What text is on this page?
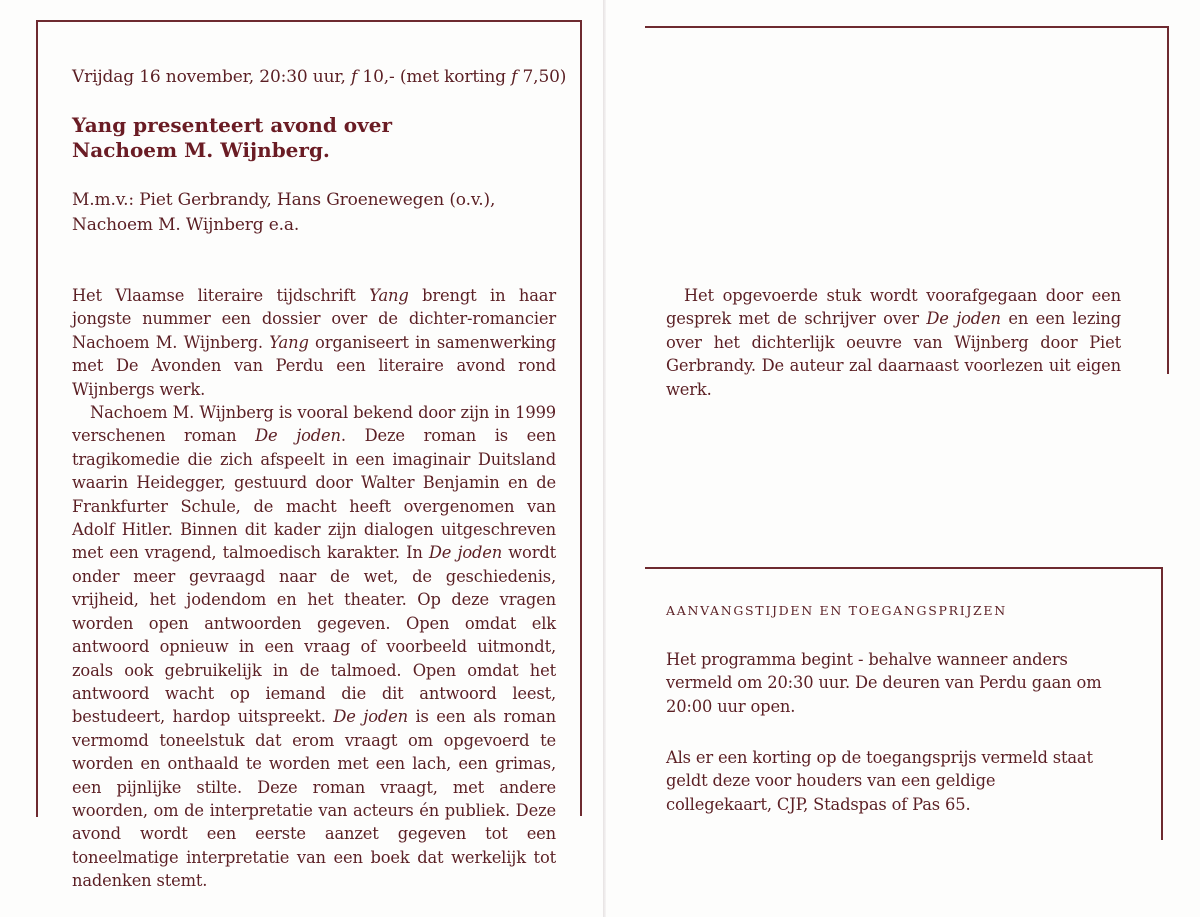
Vrijdag 16 november, 20:30 uur, f 10,- (met korting f 7,50)

Yang presenteert avond over
Nachoem M. Wijnberg.

M.m.v.: Piet Gerbrandy, Hans Groenewegen (o.v.),
Nachoem M. Wijnberg e.a.

Het Vlaamse literaire tijdschrift Yang brengt in haar jongste nummer een dossier over de dichter-romancier Nachoem M. Wijnberg. Yang organiseert in samenwerking met De Avonden van Perdu een literaire avond rond Wijnbergs werk.

Nachoem M. Wijnberg is vooral bekend door zijn in 1999 verschenen roman De joden. Deze roman is een tragikomedie die zich afspeelt in een imaginair Duitsland waarin Heidegger, gestuurd door Walter Benjamin en de Frankfurter Schule, de macht heeft overgenomen van Adolf Hitler. Binnen dit kader zijn dialogen uitgeschreven met een vragend, talmoedisch karakter. In De joden wordt onder meer gevraagd naar de wet, de geschiedenis, vrijheid, het jodendom en het theater. Op deze vragen worden open antwoorden gegeven. Open omdat elk antwoord opnieuw in een vraag of voorbeeld uitmondt, zoals ook gebruikelijk in de talmoed. Open omdat het antwoord wacht op iemand die dit antwoord leest, bestudeert, hardop uitspreekt. De joden is een als roman vermomd toneelstuk dat erom vraagt om opgevoerd te worden en onthaald te worden met een lach, een grimas, een pijnlijke stilte. Deze roman vraagt, met andere woorden, om de interpretatie van acteurs én publiek. Deze avond wordt een eerste aanzet gegeven tot een toneelmatige interpretatie van een boek dat werkelijk tot nadenken stemt.

Het opgevoerde stuk wordt voorafgegaan door een gesprek met de schrijver over De joden en een lezing over het dichterlijk oeuvre van Wijnberg door Piet Gerbrandy. De auteur zal daarnaast voorlezen uit eigen werk.

AANVANGSTIJDEN EN TOEGANGSPRIJZEN

Het programma begint - behalve wanneer anders vermeld om 20:30 uur. De deuren van Perdu gaan om 20:00 uur open.

Als er een korting op de toegangsprijs vermeld staat geldt deze voor houders van een geldige collegekaart, CJP, Stadspas of Pas 65.
